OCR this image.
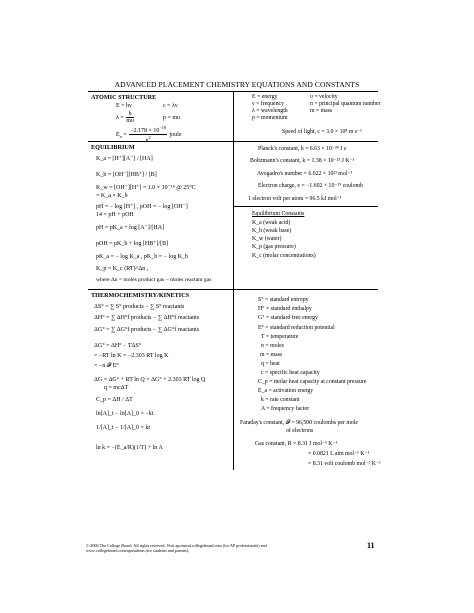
ADVANCED PLACEMENT CHEMISTRY EQUATIONS AND CONSTANTS
ATOMIC STRUCTURE
E = hν	c = λν
$\lambda = \frac{h}{m\upsilon}$	p = mυ
$E_n = \frac{-2.178 \times 10^{-18}}{^2}$ joule
EQUILIBRIUM
K_a = [H⁺][A⁻] / [HA]
K_b = [OH⁻][HB⁺] / [B]
K_w = [OH⁻][H⁺] = 1.0 × 10⁻¹⁴ @ 25°C
= K_a × K_b
pH = − log [H⁺] , pOH = − log [OH⁻]
14 = pH + pOH
pH = pK_a + log [A⁻]/[HA]
pOH = pK_b + log [HB⁺]/[B]
pK_a = − log K_a , pK_b = − log K_b
K_p = K_c (RT)^Δn ,
where Δn = moles product gas − moles reactant gas
THERMOCHEMISTRY/KINETICS
ΔS° = ∑ S° products − ∑ S° reactants
ΔH° = ∑ ΔH°f products − ∑ ΔH°f reactants
ΔG° = ∑ ΔG°f products − ∑ ΔG°f reactants
ΔG° = ΔH° − TΔS°
= −RT ln K = −2.303 RT log K
= −n 𝓕 E°
ΔG = ΔG° + RT ln Q = ΔG° + 2.303 RT log Q
q = mcΔT
C_p = ΔH / ΔT
ln[A]_t − ln[A]_0 = −kt
1/[A]_t − 1/[A]_0 = kt
ln k = −(E_a/R)(1/T) + ln A
E = energy
ν = frequency
λ = wavelength
p = momentum
υ = velocity
n = principal quantum number
m = mass
Speed of light, c = 3.0 × 10⁸ m s⁻¹
Planck's constant, h = 6.63 × 10⁻³⁴ J s
Boltzmann's constant, k = 1.38 × 10⁻²³ J K⁻¹
Avogadro's number = 6.022 × 10²³ mol⁻¹
Electron charge, e = −1.602 × 10⁻¹⁹ coulomb
1 electron volt per atom = 96.5 kJ mol⁻¹
Equilibrium Constants
K_a (weak acid)
K_b (weak base)
K_w (water)
K_p (gas pressure)
K_c (molar concentrations)
S° = standard entropy
H° = standard enthalpy
G° = standard free energy
E° = standard reduction potential
T = temperature
n = moles
m = mass
q = heat
c = specific heat capacity
C_p = molar heat capacity at constant pressure
E_a = activation energy
k = rate constant
A = frequency factor
Faraday's constant, 𝓕 = 96,500 coulombs per mole
of electrons
Gas constant, R = 8.31 J mol⁻¹ K⁻¹
= 0.0821 L atm mol⁻¹ K⁻¹
= 8.31 volt coulomb mol⁻¹ K⁻¹
© 2006 The College Board. All rights reserved. Visit apcentral.collegeboard.com (for AP professionals) and
www.collegeboard.com/apstudents (for students and parents).
11
